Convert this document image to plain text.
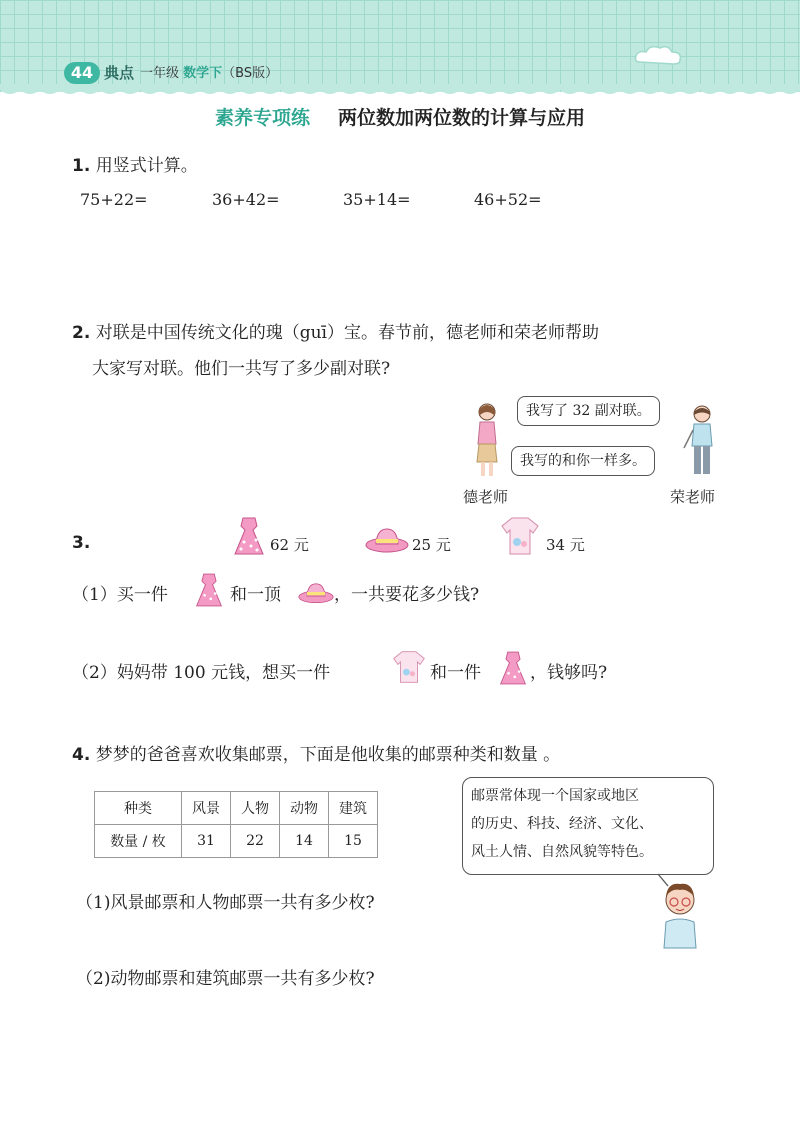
44 典点 一年级 数学下（BS版）
素养专项练 两位数加两位数的计算与应用
1. 用竖式计算。
75+22=	36+42=	35+14=	46+52=
2. 对联是中国传统文化的瑰（guī）宝。春节前，德老师和荣老师帮助
大家写对联。他们一共写了多少副对联?
我写了 32 副对联。
我写的和你一样多。
德老师	荣老师
3.	62 元	25 元	34 元
（1）买一件	和一顶	，一共要花多少钱?
（2）妈妈带 100 元钱，想买一件	和一件	，钱够吗?
4. 梦梦的爸爸喜欢收集邮票，下面是他收集的邮票种类和数量 。
种类	风景	人物	动物	建筑
数量 / 枚	31	22	14	15
邮票常体现一个国家或地区
的历史、科技、经济、文化、
风土人情、自然风貌等特色。
（1)风景邮票和人物邮票一共有多少枚?
（2)动物邮票和建筑邮票一共有多少枚?
